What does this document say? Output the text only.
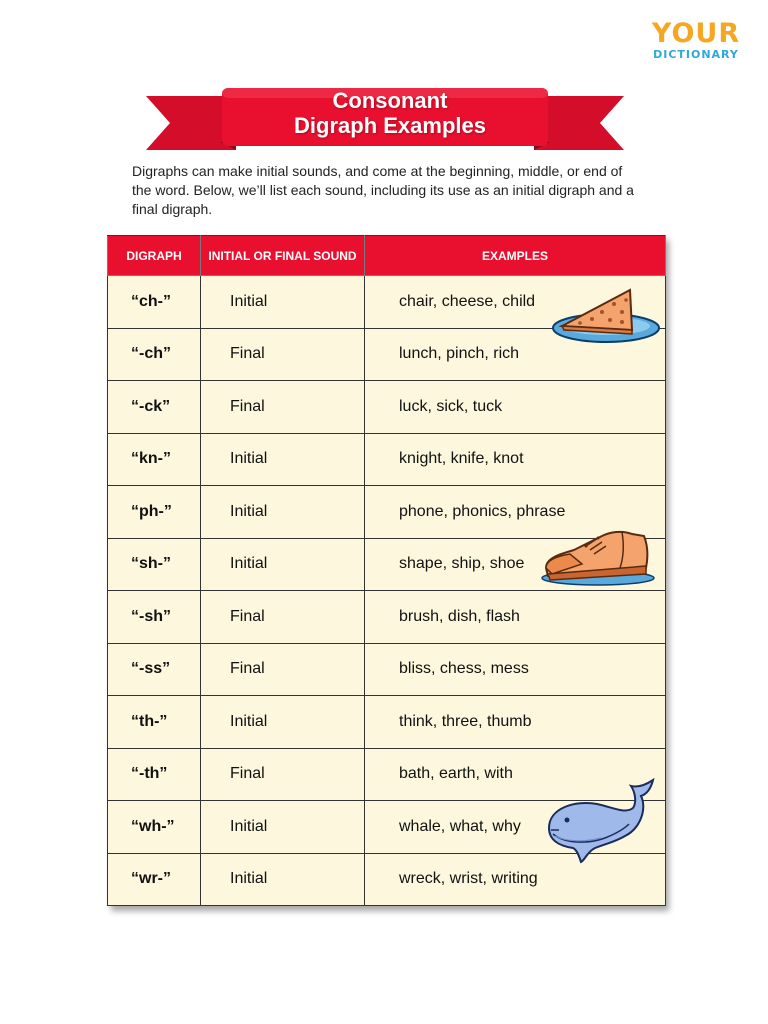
YOUR
DICTIONARY
Consonant
Digraph Examples
Digraphs can make initial sounds, and come at the beginning, middle, or end of the word. Below, we’ll list each sound, including its use as an initial digraph and a final digraph.
DIGRAPH	INITIAL OR FINAL SOUND	EXAMPLES
“ch-”	Initial	chair, cheese, child
“-ch”	Final	lunch, pinch, rich
“-ck”	Final	luck, sick, tuck
“kn-”	Initial	knight, knife, knot
“ph-”	Initial	phone, phonics, phrase
“sh-”	Initial	shape, ship, shoe
“-sh”	Final	brush, dish, flash
“-ss”	Final	bliss, chess, mess
“th-”	Initial	think, three, thumb
“-th”	Final	bath, earth, with
“wh-”	Initial	whale, what, why
“wr-”	Initial	wreck, wrist, writing
